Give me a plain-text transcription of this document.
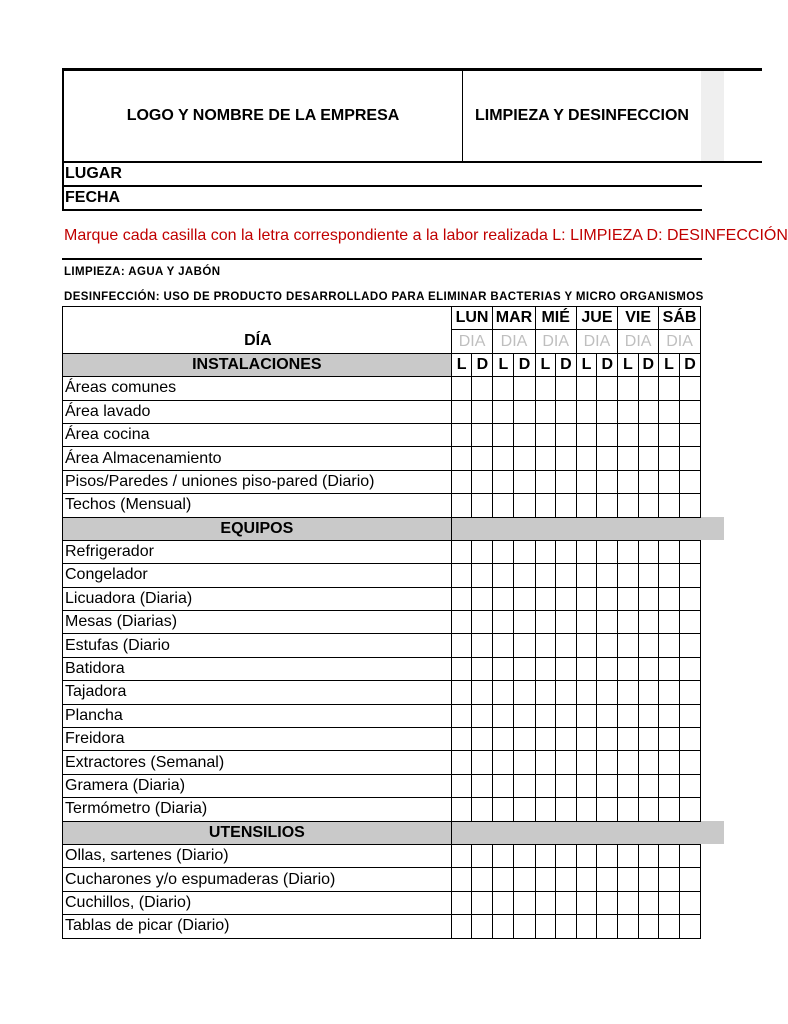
LOGO Y NOMBRE DE LA EMPRESA	LIMPIEZA Y DESINFECCION
LUGAR
FECHA
Marque cada casilla con la letra correspondiente a la labor realizada L: LIMPIEZA D: DESINFECCIÓN
LIMPIEZA: AGUA Y JABÓN
DESINFECCIÓN: USO DE PRODUCTO DESARROLLADO PARA ELIMINAR BACTERIAS Y MICRO ORGANISMOS
	LUN		MAR		MIÉ		JUE		VIE		SÁB	
DÍA	DIA		DIA		DIA		DIA		DIA		DIA	
INSTALACIONES	L	D	L	D	L	D	L	D	L	D	L	D
Áreas comunes												
Área lavado												
Área cocina												
Área Almacenamiento												
Pisos/Paredes / uniones piso-pared (Diario)												
Techos (Mensual)												
EQUIPOS												
Refrigerador												
Congelador												
Licuadora (Diaria)												
Mesas (Diarias)												
Estufas (Diario												
Batidora												
Tajadora												
Plancha												
Freidora												
Extractores (Semanal)												
Gramera (Diaria)												
Termómetro (Diaria)												
UTENSILIOS												
Ollas, sartenes (Diario)												
Cucharones y/o espumaderas (Diario)												
Cuchillos, (Diario)												
Tablas de picar (Diario)												
